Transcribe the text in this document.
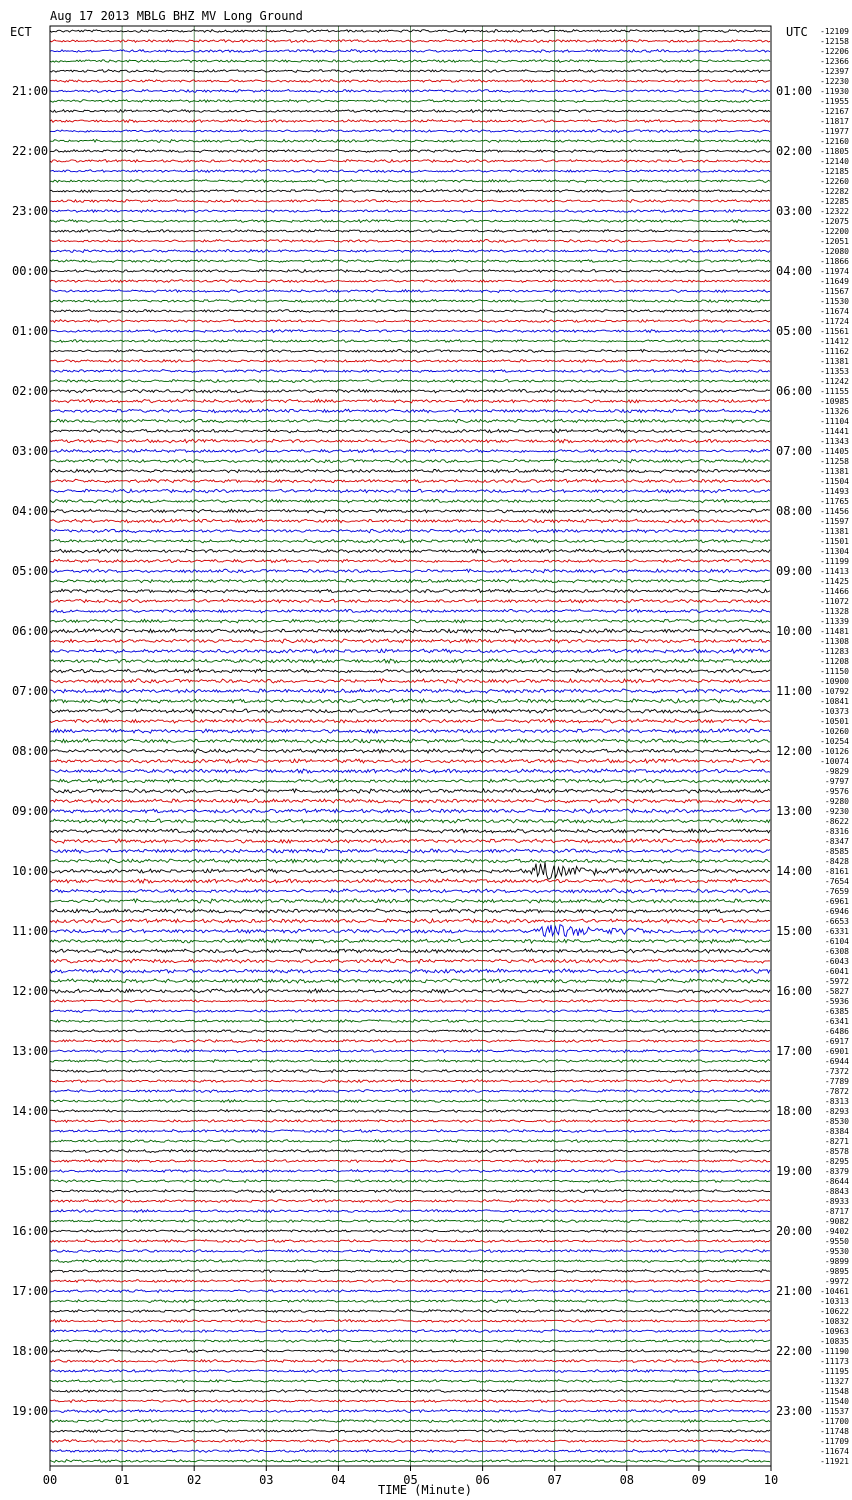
Aug 17 2013 MBLG BHZ MV Long Ground
ECT	UTC
21:00
22:00
23:00
00:00
01:00
02:00
03:00
04:00
05:00
06:00
07:00
08:00
09:00
10:00
11:00
12:00
13:00
14:00
15:00
16:00
17:00
18:00
19:00
01:00
02:00
03:00
04:00
05:00
06:00
07:00
08:00
09:00
10:00
11:00
12:00
13:00
14:00
15:00
16:00
17:00
18:00
19:00
20:00
21:00
22:00
23:00
-12109
-12158
-12206
-12366
-12397
-12230
-11930
-11955
-12167
-11817
-11977
-12160
-11805
-12140
-12185
-12260
-12282
-12285
-12322
-12075
-12200
-12051
-12080
-11866
-11974
-11649
-11567
-11530
-11674
-11724
-11561
-11412
-11162
-11381
-11353
-11242
-11155
-10985
-11326
-11104
-11441
-11343
-11405
-11258
-11381
-11504
-11493
-11765
-11456
-11597
-11381
-11501
-11304
-11199
-11413
-11425
-11466
-11072
-11328
-11339
-11481
-11308
-11283
-11208
-11150
-10900
-10792
-10841
-10373
-10501
-10260
-10254
-10126
-10074
-9829
-9797
-9576
-9280
-9230
-8622
-8316
-8347
-8585
-8428
-8161
-7654
-7659
-6961
-6946
-6653
-6331
-6104
-6308
-6043
-6041
-5972
-5827
-5936
-6385
-6341
-6486
-6917
-6901
-6944
-7372
-7789
-7872
-8313
-8293
-8530
-8384
-8271
-8578
-8295
-8379
-8644
-8843
-8933
-8717
-9082
-9402
-9550
-9530
-9899
-9895
-9972
-10461
-10313
-10622
-10832
-10963
-10835
-11190
-11173
-11195
-11327
-11548
-11540
-11537
-11700
-11748
-11709
-11674
-11921
00	01	02	03	04	05	06	07	08	09	10
TIME (Minute)
